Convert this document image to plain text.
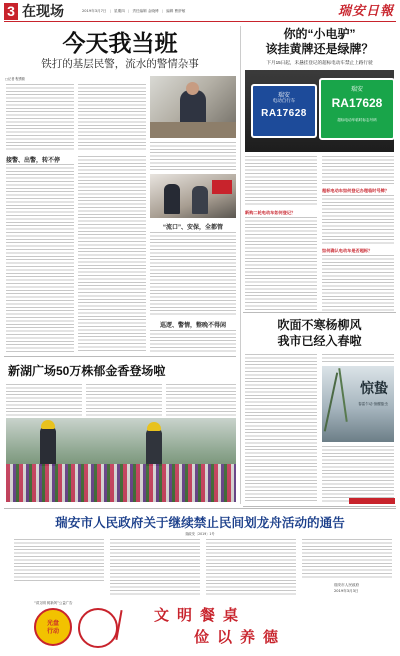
3 在现场	2019年3月7日 | 星期四 | 责任编辑 金晓博 | 编辑 曹舒敏	瑞安日報
今天我当班
铁打的基层民警，流水的警情杂事
□记者 程勇励
接警、出警，转不停
“流口”、安保，全都管
巡逻、警情，整晚不得闲
你的“小电驴”
该挂黄牌还是绿牌？
下月15日起，未悬挂登记的超标电动车禁止上路行驶
瑞安
电动自行车
RA17628
瑞安
RA17628
超标电动车临时标志号码
超标电动车如何登记办理临时号牌？
新购二轮电动车如何登记？
如何确认电动车是否超标？
吹面不寒杨柳风
我市已经入春啦
惊蛰
春雷乍动 惊醒蛰虫
新湖广场50万株郁金香登场啦
瑞安市人民政府关于继续禁止民间划龙舟活动的通告
瑞政发〔2019〕1号
瑞安市人民政府
2019年3月3日
“讲文明 树新风”公益广告
光盘
行动
文明餐桌
俭以养德
